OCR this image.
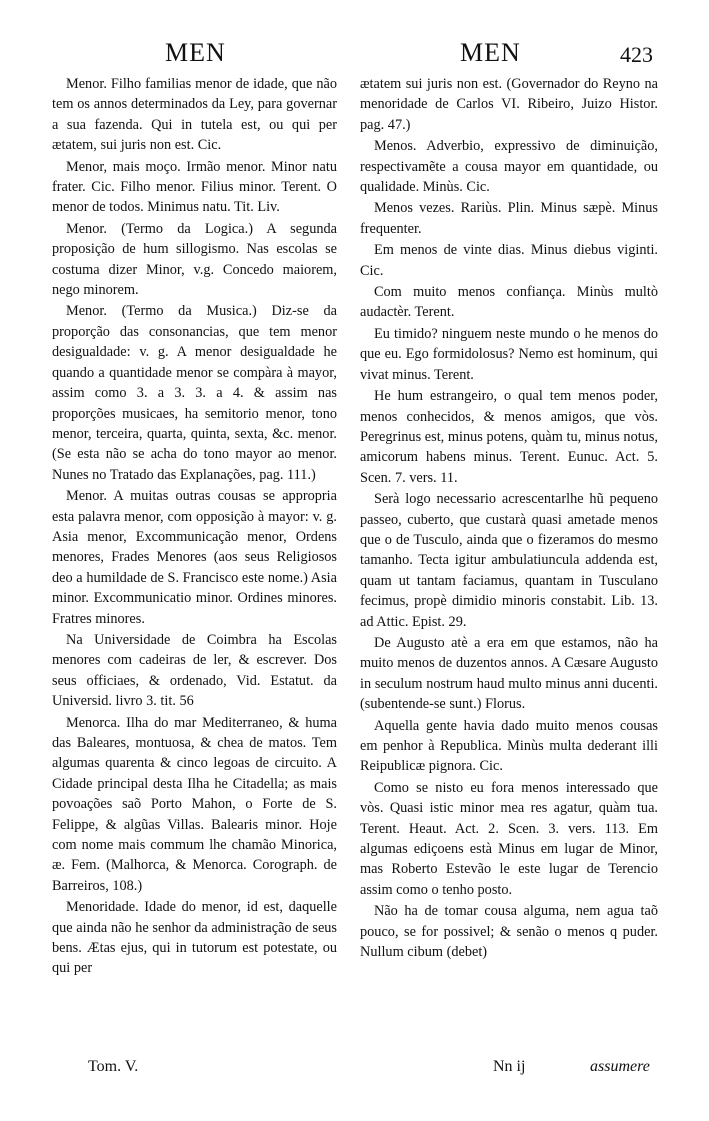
MEN	MEN	423

Menor. Filho familias menor de idade, que não tem os annos determinados da Ley, para governar a sua fazenda. Qui in tutela est, ou qui per ætatem, sui juris non est. Cic.

Menor, mais moço. Irmão menor. Minor natu frater. Cic. Filho menor. Filius minor. Terent. O menor de todos. Minimus natu. Tit. Liv.

Menor. (Termo da Logica.) A segunda proposição de hum sillogismo. Nas escolas se costuma dizer Minor, v.g. Concedo maiorem, nego minorem.

Menor. (Termo da Musica.) Diz-se da proporção das consonancias, que tem menor desigualdade: v. g. A menor desigualdade he quando a quantidade menor se compàra à mayor, assim como 3. a 3. 3. a 4. & assim nas proporções musicaes, ha semitorio menor, tono menor, terceira, quarta, quinta, sexta, &c. menor. (Se esta não se acha do tono mayor ao menor. Nunes no Tratado das Explanações, pag. 111.)

Menor. A muitas outras cousas se appropria esta palavra menor, com opposição à mayor: v. g. Asia menor, Excommunicação menor, Ordens menores, Frades Menores (aos seus Religiosos deo a humildade de S. Francisco este nome.) Asia minor. Excommunicatio minor. Ordines minores. Fratres minores.

Na Universidade de Coimbra ha Escolas menores com cadeiras de ler, & escrever. Dos seus officiaes, & ordenado, Vid. Estatut. da Universid. livro 3. tit. 56

Menorca. Ilha do mar Mediterraneo, & huma das Baleares, montuosa, & chea de matos. Tem algumas quarenta & cinco legoas de circuito. A Cidade principal desta Ilha he Citadella; as mais povoações saõ Porto Mahon, o Forte de S. Felippe, & algũas Villas. Balearis minor. Hoje com nome mais commum lhe chamão Minorica, æ. Fem. (Malhorca, & Menorca. Corograph. de Barreiros, 108.)

Menoridade. Idade do menor, id est, daquelle que ainda não he senhor da administração de seus bens. Ætas ejus, qui in tutorum est potestate, ou qui per

ætatem sui juris non est. (Governador do Reyno na menoridade de Carlos VI. Ribeiro, Juizo Histor. pag. 47.)

Menos. Adverbio, expressivo de diminuição, respectivamẽte a cousa mayor em quantidade, ou qualidade. Minùs. Cic.

Menos vezes. Rariùs. Plin. Minus sæpè. Minus frequenter.

Em menos de vinte dias. Minus diebus viginti. Cic.

Com muito menos confiança. Minùs multò audactèr. Terent.

Eu timido? ninguem neste mundo o he menos do que eu. Ego formidolosus? Nemo est hominum, qui vivat minus. Terent.

He hum estrangeiro, o qual tem menos poder, menos conhecidos, & menos amigos, que vòs. Peregrinus est, minus potens, quàm tu, minus notus, amicorum habens minus. Terent. Eunuc. Act. 5. Scen. 7. vers. 11.

Serà logo necessario acrescentarlhe hũ pequeno passeo, cuberto, que custarà quasi ametade menos que o de Tusculo, ainda que o fizeramos do mesmo tamanho. Tecta igitur ambulatiuncula addenda est, quam ut tantam faciamus, quantam in Tusculano fecimus, propè dimidio minoris constabit. Lib. 13. ad Attic. Epist. 29.

De Augusto atè a era em que estamos, não ha muito menos de duzentos annos. A Cæsare Augusto in seculum nostrum haud multo minus anni ducenti. (subentende-se sunt.) Florus.

Aquella gente havia dado muito menos cousas em penhor à Republica. Minùs multa dederant illi Reipublicæ pignora. Cic.

Como se nisto eu fora menos interessado que vòs. Quasi istic minor mea res agatur, quàm tua. Terent. Heaut. Act. 2. Scen. 3. vers. 113. Em algumas ediçoens està Minus em lugar de Minor, mas Roberto Estevão le este lugar de Terencio assim como o tenho posto.

Não ha de tomar cousa alguma, nem agua taõ pouco, se for possivel; & senão o menos q puder. Nullum cibum (debet)

Tom. V.	Nn ij	assumere
